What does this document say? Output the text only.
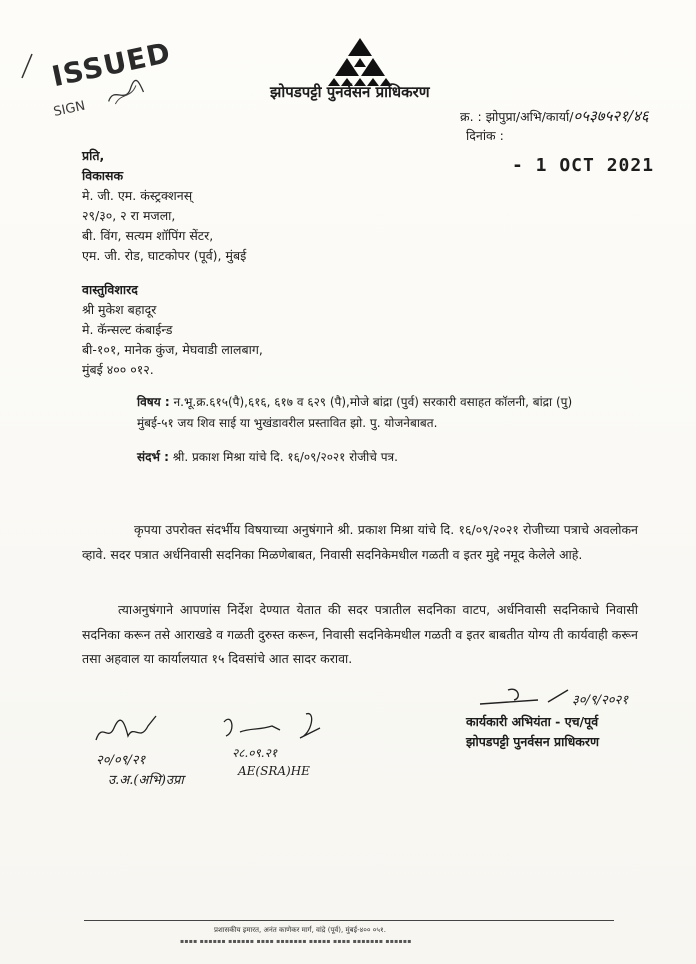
ISSUED
SIGN
झोपडपट्टी पुनर्वसन प्राधिकरण
क्र. : झोपुप्रा/अभि/कार्या/०५३७५२१/४६
दिनांक :
- 1 OCT 2021
प्रति,
विकासक
मे. जी. एम. कंस्ट्रक्शनस्
२९/३०, २ रा मजला,
बी. विंग, सत्यम शॉपिंग सेंटर,
एम. जी. रोड, घाटकोपर (पूर्व), मुंबई
वास्तुविशारद
श्री मुकेश बहादूर
मे. कॅन्सल्ट कंबाईन्ड
बी-१०१, मानेक कुंज, मेघवाडी लालबाग,
मुंबई ४०० ०१२.
विषय : न.भू.क्र.६१५(पै),६१६, ६१७ व ६२९ (पै),मोजे बांद्रा (पुर्व) सरकारी वसाहत कॉलनी, बांद्रा (पु)
मुंबई-५१ जय शिव साई या भुखंडावरील प्रस्तावित झो. पु. योजनेबाबत.
संदर्भ : श्री. प्रकाश मिश्रा यांचे दि. १६/०९/२०२१ रोजीचे पत्र.
कृपया उपरोक्त संदर्भीय विषयाच्या अनुषंगाने श्री. प्रकाश मिश्रा यांचे दि. १६/०९/२०२१ रोजीच्या पत्राचे अवलोकन व्हावे. सदर पत्रात अर्धनिवासी सदनिका मिळणेबाबत, निवासी सदनिकेमधील गळती व इतर मुद्दे नमूद केलेले आहे.
त्याअनुषंगाने आपणांस निर्देश देण्यात येतात की सदर पत्रातील सदनिका वाटप, अर्धनिवासी सदनिकाचे निवासी सदनिका करून तसे आराखडे व गळती दुरुस्त करून, निवासी सदनिकेमधील गळती व इतर बाबतीत योग्य ती कार्यवाही करून तसा अहवाल या कार्यालयात १५ दिवसांचे आत सादर करावा.
३०/९/२०२१
कार्यकारी अभियंता - एच/पूर्व
झोपडपट्टी पुनर्वसन प्राधिकरण
२०/०९/२१
उ.अ.(अभि)उप्रा
२८.०९.२१
AE(SRA)HE
प्रशासकीय इमारत, अनंत काणेकर मार्ग, वांद्रे (पूर्व), मुंबई-४०० ०५१.
▪▪▪▪ ▪▪▪▪▪▪ ▪▪▪▪▪▪ ▪▪▪▪ ▪▪▪▪▪▪▪ ▪▪▪▪▪ ▪▪▪▪ ▪▪▪▪▪▪▪ ▪▪▪▪▪▪
